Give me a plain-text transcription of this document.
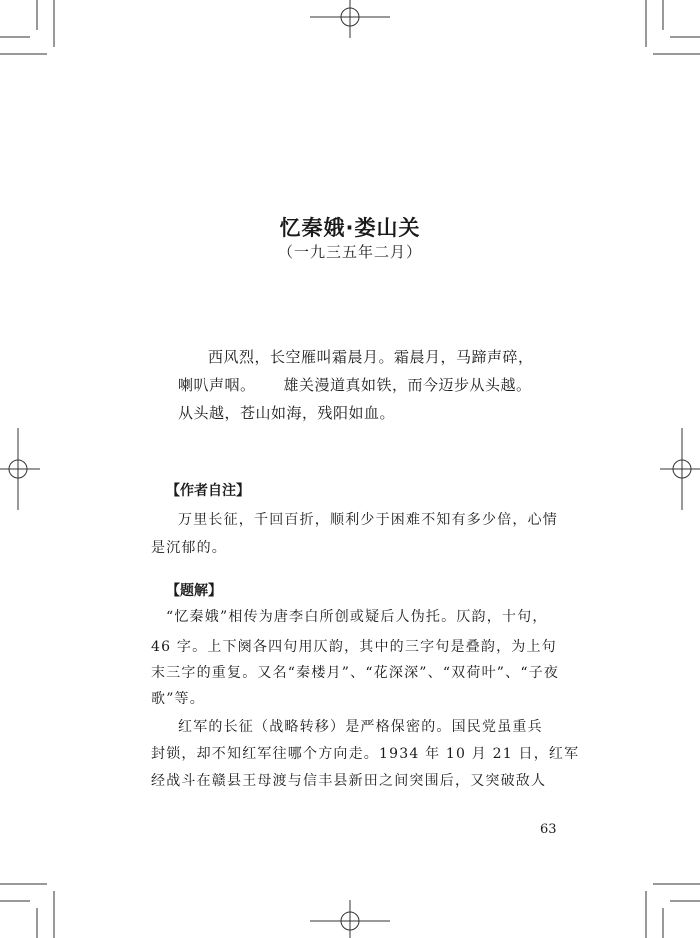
忆秦娥·娄山关
（一九三五年二月）
西风烈，长空雁叫霜晨月。霜晨月，马蹄声碎，
喇叭声咽。 雄关漫道真如铁，而今迈步从头越。
从头越，苍山如海，残阳如血。
【作者自注】
万里长征，千回百折，顺利少于困难不知有多少倍，心情
是沉郁的。
【题解】
“忆秦娥”相传为唐李白所创或疑后人伪托。仄韵，十句，
46 字。上下阕各四句用仄韵，其中的三字句是叠韵，为上句
末三字的重复。又名“秦楼月”、“花深深”、“双荷叶”、“子夜
歌”等。
红军的长征（战略转移）是严格保密的。国民党虽重兵
封锁，却不知红军往哪个方向走。1934 年 10 月 21 日，红军
经战斗在赣县王母渡与信丰县新田之间突围后，又突破敌人
63
